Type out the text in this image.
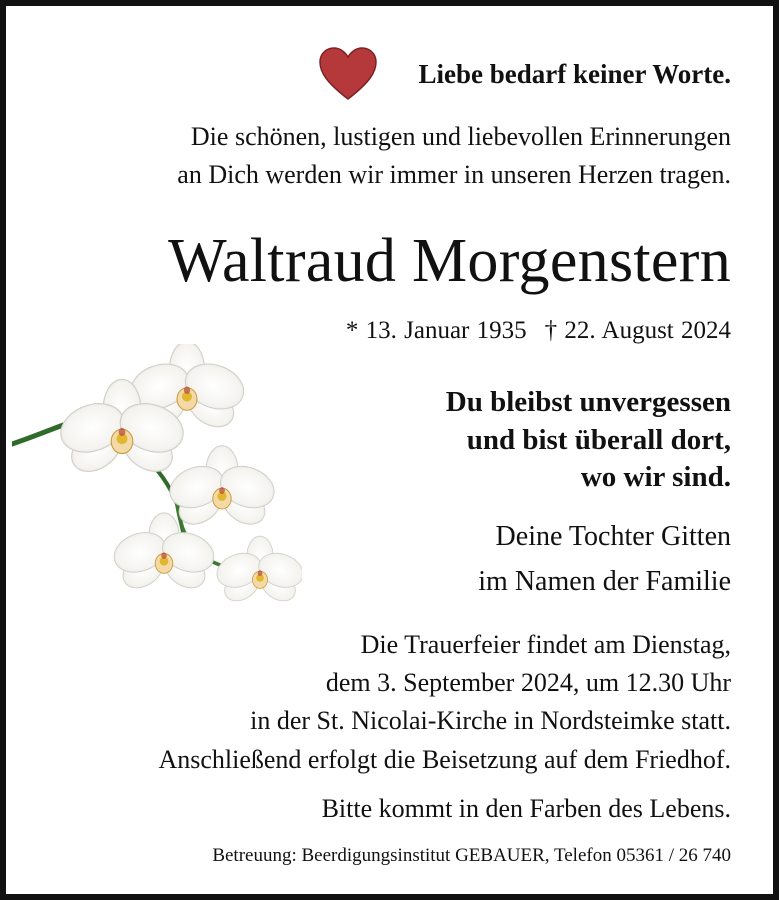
Liebe bedarf keiner Worte.
Die schönen, lustigen und liebevollen Erinnerungen
an Dich werden wir immer in unseren Herzen tragen.
Waltraud Morgenstern
* 13. Januar 1935 † 22. August 2024
Du bleibst unvergessen
und bist überall dort,
wo wir sind.
Deine Tochter Gitten
im Namen der Familie
Die Trauerfeier findet am Dienstag,
dem 3. September 2024, um 12.30 Uhr
in der St. Nicolai-Kirche in Nordsteimke statt.
Anschließend erfolgt die Beisetzung auf dem Friedhof.
Bitte kommt in den Farben des Lebens.
Betreuung: Beerdigungsinstitut GEBAUER, Telefon 05361 / 26 740
